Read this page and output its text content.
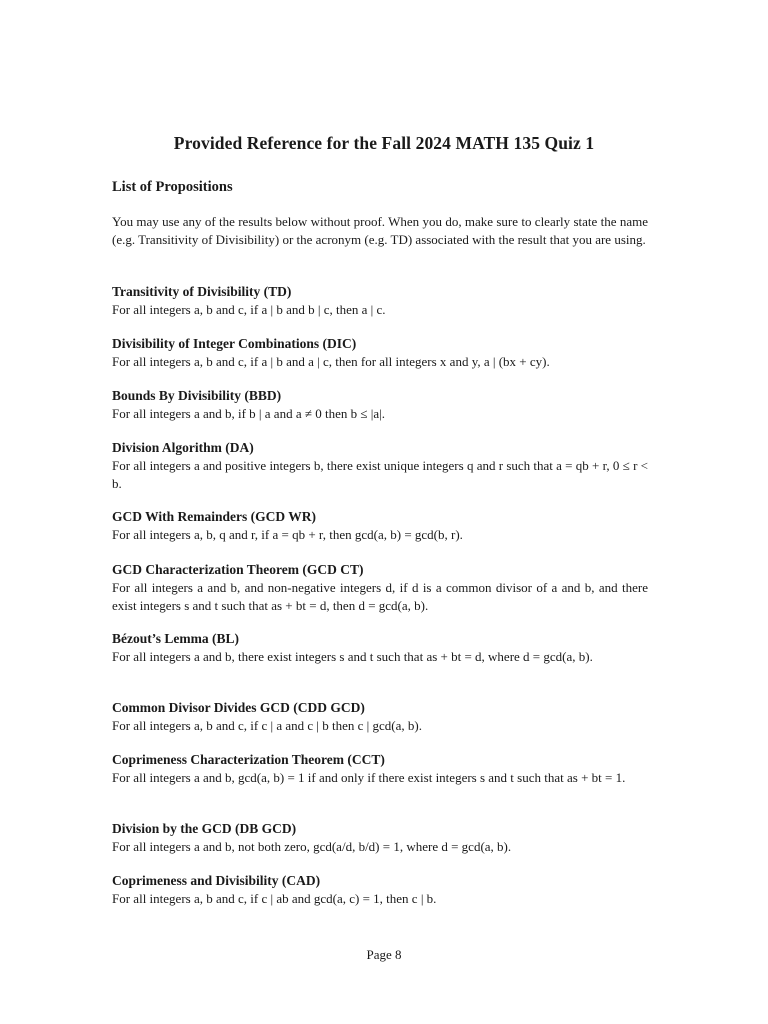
Provided Reference for the Fall 2024 MATH 135 Quiz 1
List of Propositions
You may use any of the results below without proof. When you do, make sure to clearly state the name (e.g. Transitivity of Divisibility) or the acronym (e.g. TD) associated with the result that you are using.
Transitivity of Divisibility (TD)
For all integers a, b and c, if a | b and b | c, then a | c.
Divisibility of Integer Combinations (DIC)
For all integers a, b and c, if a | b and a | c, then for all integers x and y, a | (bx + cy).
Bounds By Divisibility (BBD)
For all integers a and b, if b | a and a ≠ 0 then b ≤ |a|.
Division Algorithm (DA)
For all integers a and positive integers b, there exist unique integers q and r such that a = qb + r, 0 ≤ r < b.
GCD With Remainders (GCD WR)
For all integers a, b, q and r, if a = qb + r, then gcd(a, b) = gcd(b, r).
GCD Characterization Theorem (GCD CT)
For all integers a and b, and non-negative integers d, if d is a common divisor of a and b, and there exist integers s and t such that as + bt = d, then d = gcd(a, b).
Bézout’s Lemma (BL)
For all integers a and b, there exist integers s and t such that as + bt = d, where d = gcd(a, b).
Common Divisor Divides GCD (CDD GCD)
For all integers a, b and c, if c | a and c | b then c | gcd(a, b).
Coprimeness Characterization Theorem (CCT)
For all integers a and b, gcd(a, b) = 1 if and only if there exist integers s and t such that as + bt = 1.
Division by the GCD (DB GCD)
For all integers a and b, not both zero, gcd(a/d, b/d) = 1, where d = gcd(a, b).
Coprimeness and Divisibility (CAD)
For all integers a, b and c, if c | ab and gcd(a, c) = 1, then c | b.
Page 8
